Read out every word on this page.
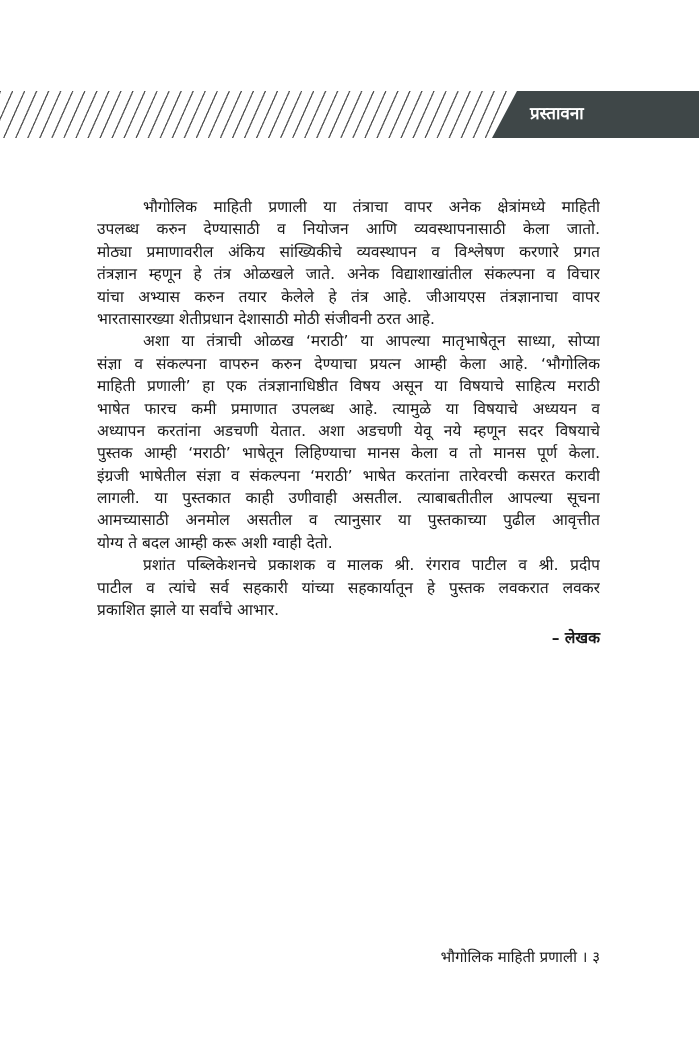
प्रस्तावना
भौगोलिक माहिती प्रणाली या तंत्राचा वापर अनेक क्षेत्रांमध्ये माहिती
उपलब्ध करुन देण्यासाठी व नियोजन आणि व्यवस्थापनासाठी केला जातो.
मोठ्या प्रमाणावरील अंकिय सांख्यिकीचे व्यवस्थापन व विश्लेषण करणारे प्रगत
तंत्रज्ञान म्हणून हे तंत्र ओळखले जाते. अनेक विद्याशाखांतील संकल्पना व विचार
यांचा अभ्यास करुन तयार केलेले हे तंत्र आहे. जीआयएस तंत्रज्ञानाचा वापर
भारतासारख्या शेतीप्रधान देशासाठी मोठी संजीवनी ठरत आहे.
अशा या तंत्राची ओळख ‘मराठी’ या आपल्या मातृभाषेतून साध्या, सोप्या
संज्ञा व संकल्पना वापरुन करुन देण्याचा प्रयत्न आम्ही केला आहे. ‘भौगोलिक
माहिती प्रणाली’ हा एक तंत्रज्ञानाधिष्ठीत विषय असून या विषयाचे साहित्य मराठी
भाषेत फारच कमी प्रमाणात उपलब्ध आहे. त्यामुळे या विषयाचे अध्ययन व
अध्यापन करतांना अडचणी येतात. अशा अडचणी येवू नये म्हणून सदर विषयाचे
पुस्तक आम्ही ‘मराठी’ भाषेतून लिहिण्याचा मानस केला व तो मानस पूर्ण केला.
इंग्रजी भाषेतील संज्ञा व संकल्पना ‘मराठी’ भाषेत करतांना तारेवरची कसरत करावी
लागली. या पुस्तकात काही उणीवाही असतील. त्याबाबतीतील आपल्या सूचना
आमच्यासाठी अनमोल असतील व त्यानुसार या पुस्तकाच्या पुढील आवृत्तीत
योग्य ते बदल आम्ही करू अशी ग्वाही देतो.
प्रशांत पब्लिकेशनचे प्रकाशक व मालक श्री. रंगराव पाटील व श्री. प्रदीप
पाटील व त्यांचे सर्व सहकारी यांच्या सहकार्यातून हे पुस्तक लवकरात लवकर
प्रकाशित झाले या सर्वांचे आभार.
– लेखक
भौगोलिक माहिती प्रणाली । ३
